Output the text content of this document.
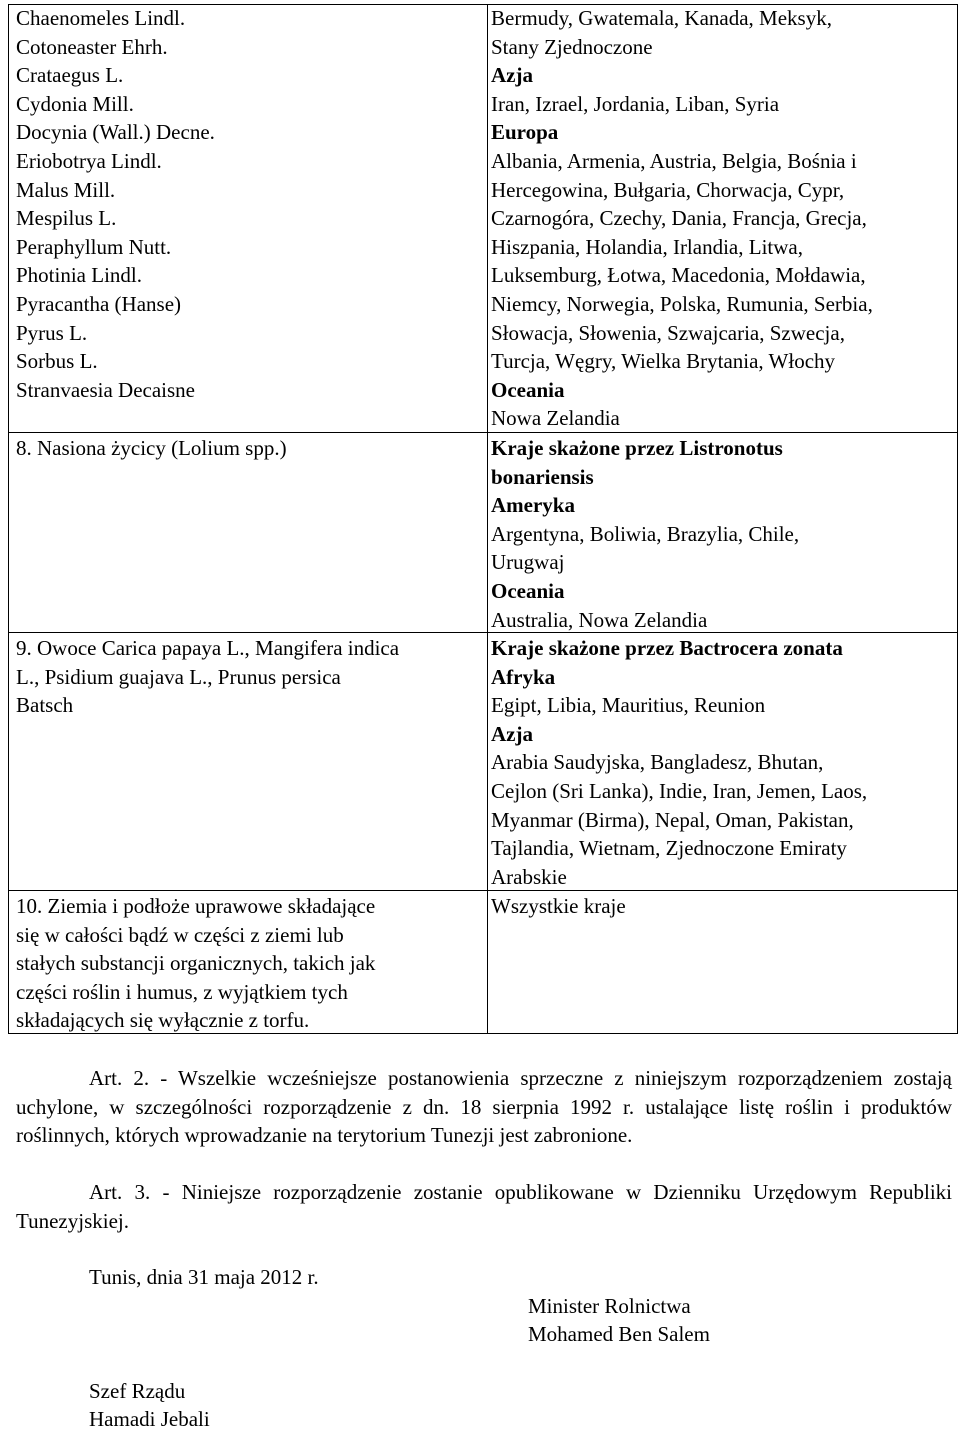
Chaenomeles Lindl.
Cotoneaster Ehrh.
Crataegus L.
Cydonia Mill.
Docynia (Wall.) Decne.
Eriobotrya Lindl.
Malus Mill.
Mespilus L.
Peraphyllum Nutt.
Photinia Lindl.
Pyracantha (Hanse)
Pyrus L.
Sorbus L.
Stranvaesia Decaisne
Bermudy, Gwatemala, Kanada, Meksyk,
Stany Zjednoczone
Azja
Iran, Izrael, Jordania, Liban, Syria
Europa
Albania, Armenia, Austria, Belgia, Bośnia i
Hercegowina, Bułgaria, Chorwacja, Cypr,
Czarnogóra, Czechy, Dania, Francja, Grecja,
Hiszpania, Holandia, Irlandia, Litwa,
Luksemburg, Łotwa, Macedonia, Mołdawia,
Niemcy, Norwegia, Polska, Rumunia, Serbia,
Słowacja, Słowenia, Szwajcaria, Szwecja,
Turcja, Węgry, Wielka Brytania, Włochy
Oceania
Nowa Zelandia
8. Nasiona życicy (Lolium spp.)	Kraje skażone przez Listronotus
bonariensis
Ameryka
Argentyna, Boliwia, Brazylia, Chile,
Urugwaj
Oceania
Australia, Nowa Zelandia
9. Owoce Carica papaya L., Mangifera indica
L., Psidium guajava L., Prunus persica
Batsch
Kraje skażone przez Bactrocera zonata
Afryka
Egipt, Libia, Mauritius, Reunion
Azja
Arabia Saudyjska, Bangladesz, Bhutan,
Cejlon (Sri Lanka), Indie, Iran, Jemen, Laos,
Myanmar (Birma), Nepal, Oman, Pakistan,
Tajlandia, Wietnam, Zjednoczone Emiraty
Arabskie
10. Ziemia i podłoże uprawowe składające
się w całości bądź w części z ziemi lub
stałych substancji organicznych, takich jak
części roślin i humus, z wyjątkiem tych
składających się wyłącznie z torfu.
Wszystkie kraje
Art. 2. - Wszelkie wcześniejsze postanowienia sprzeczne z niniejszym rozporządzeniem zostają uchylone, w szczególności rozporządzenie z dn. 18 sierpnia 1992 r. ustalające listę roślin i produktów roślinnych, których wprowadzanie na terytorium Tunezji jest zabronione.
Art. 3. - Niniejsze rozporządzenie zostanie opublikowane w Dzienniku Urzędowym Republiki Tunezyjskiej.
Tunis, dnia 31 maja 2012 r.
Minister Rolnictwa
Mohamed Ben Salem
Szef Rządu
Hamadi Jebali
